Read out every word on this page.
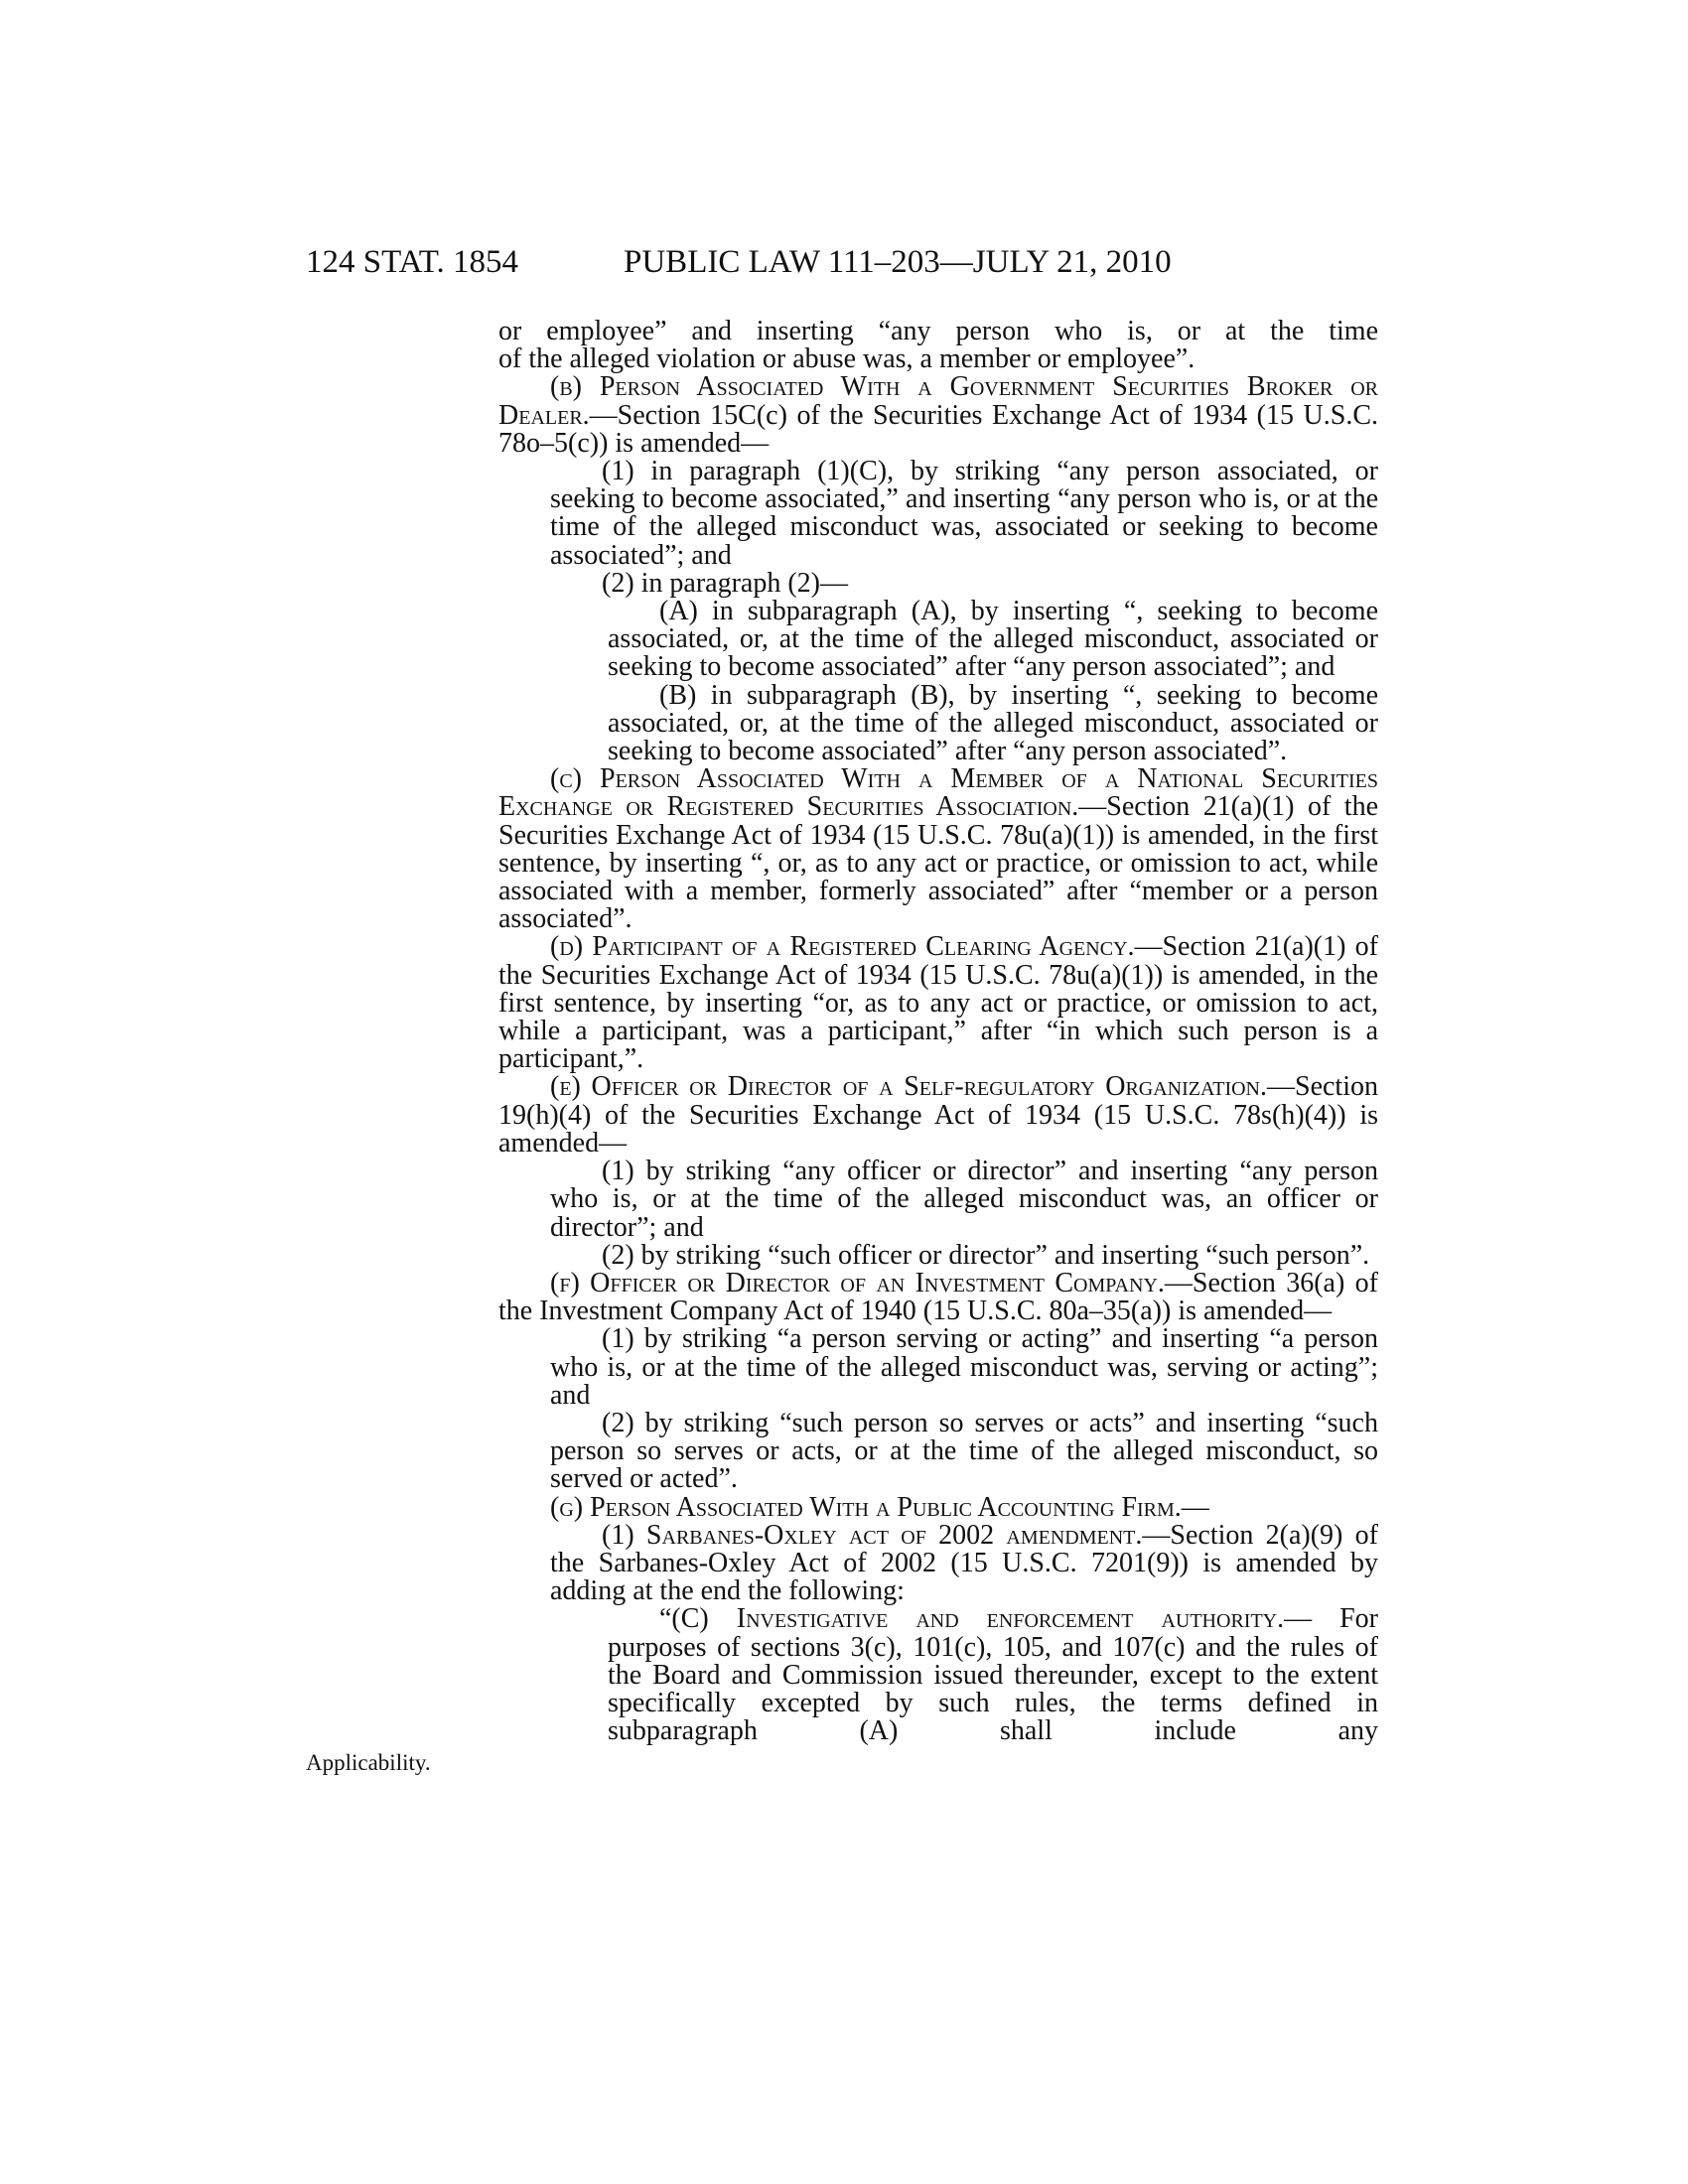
124 STAT. 1854	PUBLIC LAW 111–203—JULY 21, 2010

or employee” and inserting “any person who is, or at the time

of the alleged violation or abuse was, a member or employee”.

(b) Person Associated With a Government Securities Broker or Dealer.—Section 15C(c) of the Securities Exchange Act of 1934 (15 U.S.C. 78o–5(c)) is amended—

(1) in paragraph (1)(C), by striking “any person associated, or seeking to become associated,” and inserting “any person who is, or at the time of the alleged misconduct was, associated or seeking to become associated”; and

(2) in paragraph (2)—

(A) in subparagraph (A), by inserting “, seeking to become associated, or, at the time of the alleged misconduct, associated or seeking to become associated” after “any person associated”; and

(B) in subparagraph (B), by inserting “, seeking to become associated, or, at the time of the alleged misconduct, associated or seeking to become associated” after “any person associated”.

(c) Person Associated With a Member of a National Securities Exchange or Registered Securities Association.—Section 21(a)(1) of the Securities Exchange Act of 1934 (15 U.S.C. 78u(a)(1)) is amended, in the first sentence, by inserting “, or, as to any act or practice, or omission to act, while associated with a member, formerly associated” after “member or a person associated”.

(d) Participant of a Registered Clearing Agency.—Section 21(a)(1) of the Securities Exchange Act of 1934 (15 U.S.C. 78u(a)(1)) is amended, in the first sentence, by inserting “or, as to any act or practice, or omission to act, while a participant, was a participant,” after “in which such person is a participant,”.

(e) Officer or Director of a Self-regulatory Organization.—Section 19(h)(4) of the Securities Exchange Act of 1934 (15 U.S.C. 78s(h)(4)) is amended—

(1) by striking “any officer or director” and inserting “any person who is, or at the time of the alleged misconduct was, an officer or director”; and

(2) by striking “such officer or director” and inserting “such person”.

(f) Officer or Director of an Investment Company.—Section 36(a) of the Investment Company Act of 1940 (15 U.S.C. 80a–35(a)) is amended—

(1) by striking “a person serving or acting” and inserting “a person who is, or at the time of the alleged misconduct was, serving or acting”; and

(2) by striking “such person so serves or acts” and inserting “such person so serves or acts, or at the time of the alleged misconduct, so served or acted”.

(g) Person Associated With a Public Accounting Firm.—

(1) Sarbanes-Oxley act of 2002 amendment.—Section 2(a)(9) of the Sarbanes-Oxley Act of 2002 (15 U.S.C. 7201(9)) is amended by adding at the end the following:

“(C) Investigative and enforcement authority.— For purposes of sections 3(c), 101(c), 105, and 107(c) and the rules of the Board and Commission issued thereunder, except to the extent specifically excepted by such rules, the terms defined in subparagraph (A) shall include any

Applicability.
